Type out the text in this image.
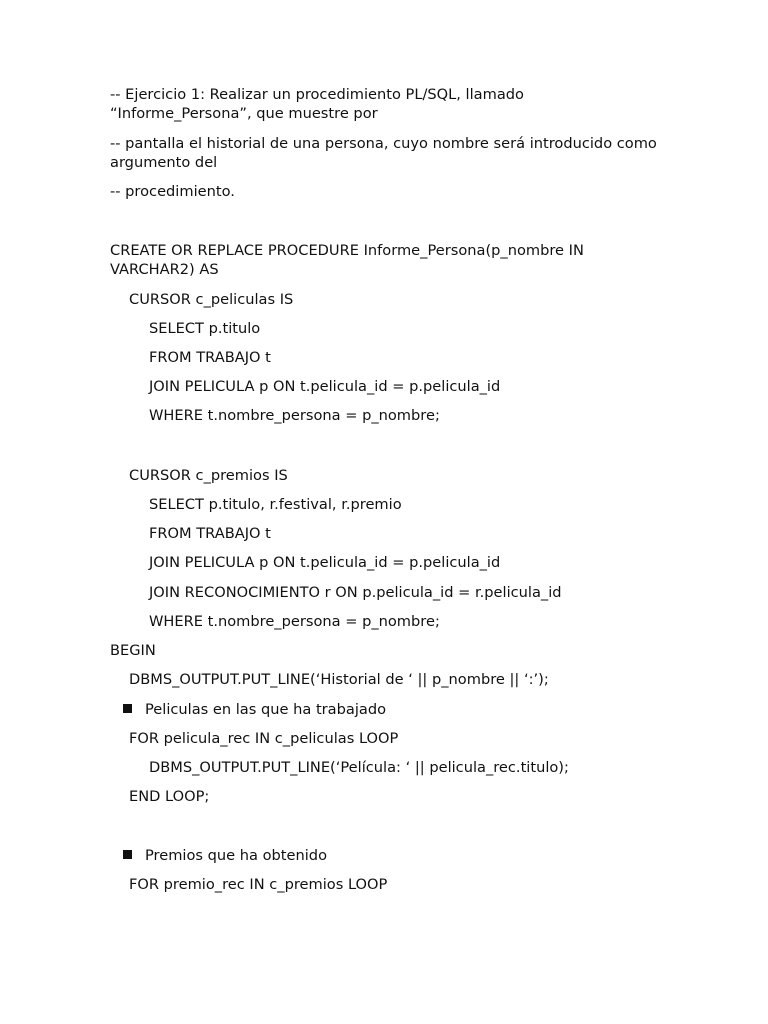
-- Ejercicio 1: Realizar un procedimiento PL/SQL, llamado “Informe_Persona”, que muestre por
-- pantalla el historial de una persona, cuyo nombre será introducido como argumento del
-- procedimiento.
CREATE OR REPLACE PROCEDURE Informe_Persona(p_nombre IN VARCHAR2) AS
CURSOR c_peliculas IS
SELECT p.titulo
FROM TRABAJO t
JOIN PELICULA p ON t.pelicula_id = p.pelicula_id
WHERE t.nombre_persona = p_nombre;
CURSOR c_premios IS
SELECT p.titulo, r.festival, r.premio
FROM TRABAJO t
JOIN PELICULA p ON t.pelicula_id = p.pelicula_id
JOIN RECONOCIMIENTO r ON p.pelicula_id = r.pelicula_id
WHERE t.nombre_persona = p_nombre;
BEGIN
DBMS_OUTPUT.PUT_LINE(‘Historial de ‘ || p_nombre || ‘:’);
Peliculas en las que ha trabajado
FOR pelicula_rec IN c_peliculas LOOP
DBMS_OUTPUT.PUT_LINE(‘Película: ‘ || pelicula_rec.titulo);
END LOOP;
Premios que ha obtenido
FOR premio_rec IN c_premios LOOP
